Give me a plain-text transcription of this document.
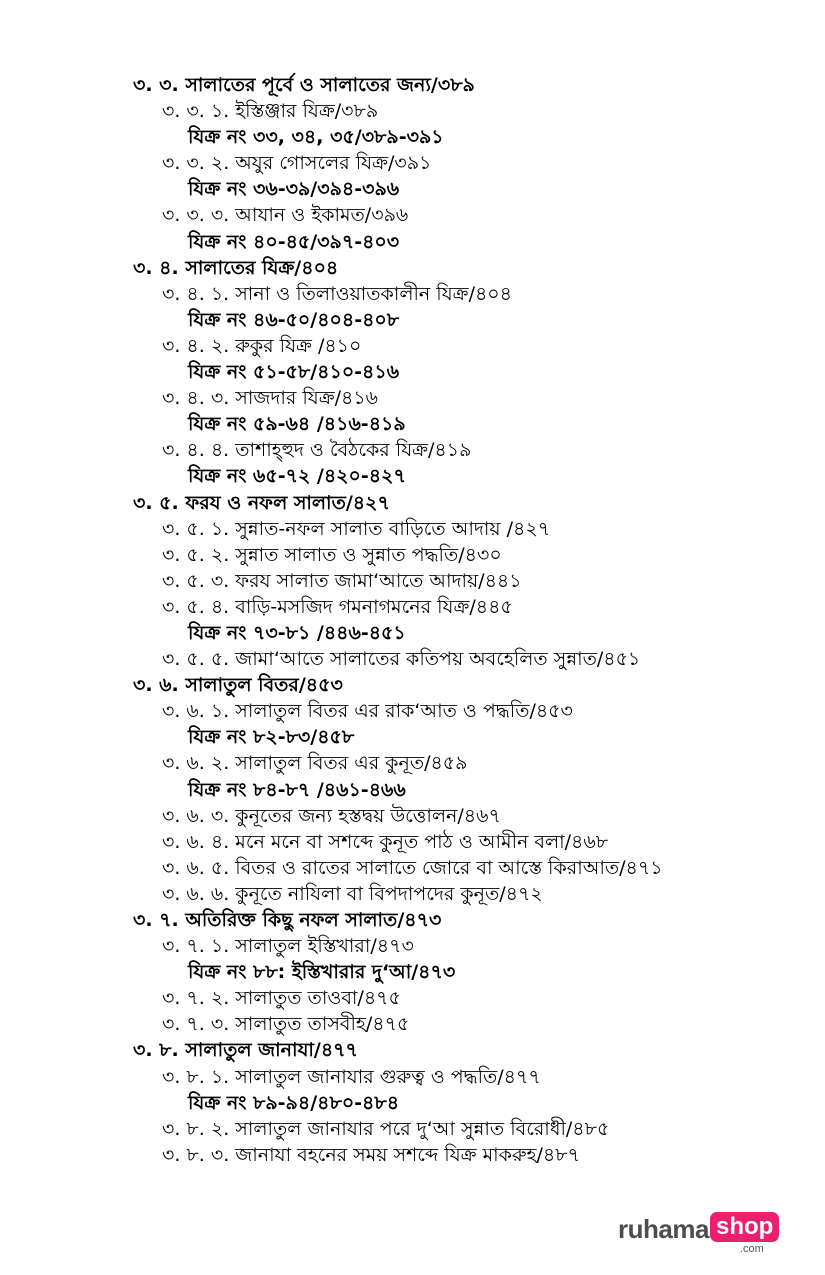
৩. ৩. সালাতের পূর্বে ও সালাতের জন্য/৩৮৯
৩. ৩. ১. ইস্তিঞ্জার যিক্র/৩৮৯
যিক্র নং ৩৩, ৩৪, ৩৫/৩৮৯-৩৯১
৩. ৩. ২. অযুর গোসলের যিক্র/৩৯১
যিক্র নং ৩৬-৩৯/৩৯৪-৩৯৬
৩. ৩. ৩. আযান ও ইকামত/৩৯৬
যিক্র নং ৪০-৪৫/৩৯৭-৪০৩
৩. ৪. সালাতের যিক্র/৪০৪
৩. ৪. ১. সানা ও তিলাওয়াতকালীন যিক্র/৪০৪
যিক্র নং ৪৬-৫০/৪০৪-৪০৮
৩. ৪. ২. রুকুর যিক্র /৪১০
যিক্র নং ৫১-৫৮/৪১০-৪১৬
৩. ৪. ৩. সাজদার যিক্র/৪১৬
যিক্র নং ৫৯-৬৪ /৪১৬-৪১৯
৩. ৪. ৪. তাশাহ্হুদ ও বৈঠকের যিক্র/৪১৯
যিক্র নং ৬৫-৭২ /৪২০-৪২৭
৩. ৫. ফরয ও নফল সালাত/৪২৭
৩. ৫. ১. সুন্নাত-নফল সালাত বাড়িতে আদায় /৪২৭
৩. ৫. ২. সুন্নাত সালাত ও সুন্নাত পদ্ধতি/৪৩০
৩. ৫. ৩. ফরয সালাত জামা‘আতে আদায়/৪৪১
৩. ৫. ৪. বাড়ি-মসজিদ গমনাগমনের যিক্র/৪৪৫
যিক্র নং ৭৩-৮১ /৪৪৬-৪৫১
৩. ৫. ৫. জামা‘আতে সালাতের কতিপয় অবহেলিত সুন্নাত/৪৫১
৩. ৬. সালাতুল বিতর/৪৫৩
৩. ৬. ১. সালাতুল বিতর এর রাক‘আত ও পদ্ধতি/৪৫৩
যিক্র নং ৮২-৮৩/৪৫৮
৩. ৬. ২. সালাতুল বিতর এর কুনূত/৪৫৯
যিক্র নং ৮৪-৮৭ /৪৬১-৪৬৬
৩. ৬. ৩. কুনূতের জন্য হস্তদ্বয় উত্তোলন/৪৬৭
৩. ৬. ৪. মনে মনে বা সশব্দে কুনূত পাঠ ও আমীন বলা/৪৬৮
৩. ৬. ৫. বিতর ও রাতের সালাতে জোরে বা আস্তে কিরাআত/৪৭১
৩. ৬. ৬. কুনূতে নাযিলা বা বিপদাপদের কুনূত/৪৭২
৩. ৭. অতিরিক্ত কিছু নফল সালাত/৪৭৩
৩. ৭. ১. সালাতুল ইস্তিখারা/৪৭৩
যিক্র নং ৮৮: ইস্তিখারার দু‘আ/৪৭৩
৩. ৭. ২. সালাতুত তাওবা/৪৭৫
৩. ৭. ৩. সালাতুত তাসবীহ/৪৭৫
৩. ৮. সালাতুল জানাযা/৪৭৭
৩. ৮. ১. সালাতুল জানাযার গুরুত্ব ও পদ্ধতি/৪৭৭
যিক্র নং ৮৯-৯৪/৪৮০-৪৮৪
৩. ৮. ২. সালাতুল জানাযার পরে দু‘আ সুন্নাত বিরোধী/৪৮৫
৩. ৮. ৩. জানাযা বহনের সময় সশব্দে যিক্র মাকরুহ/৪৮৭
ruhama shop
.com
